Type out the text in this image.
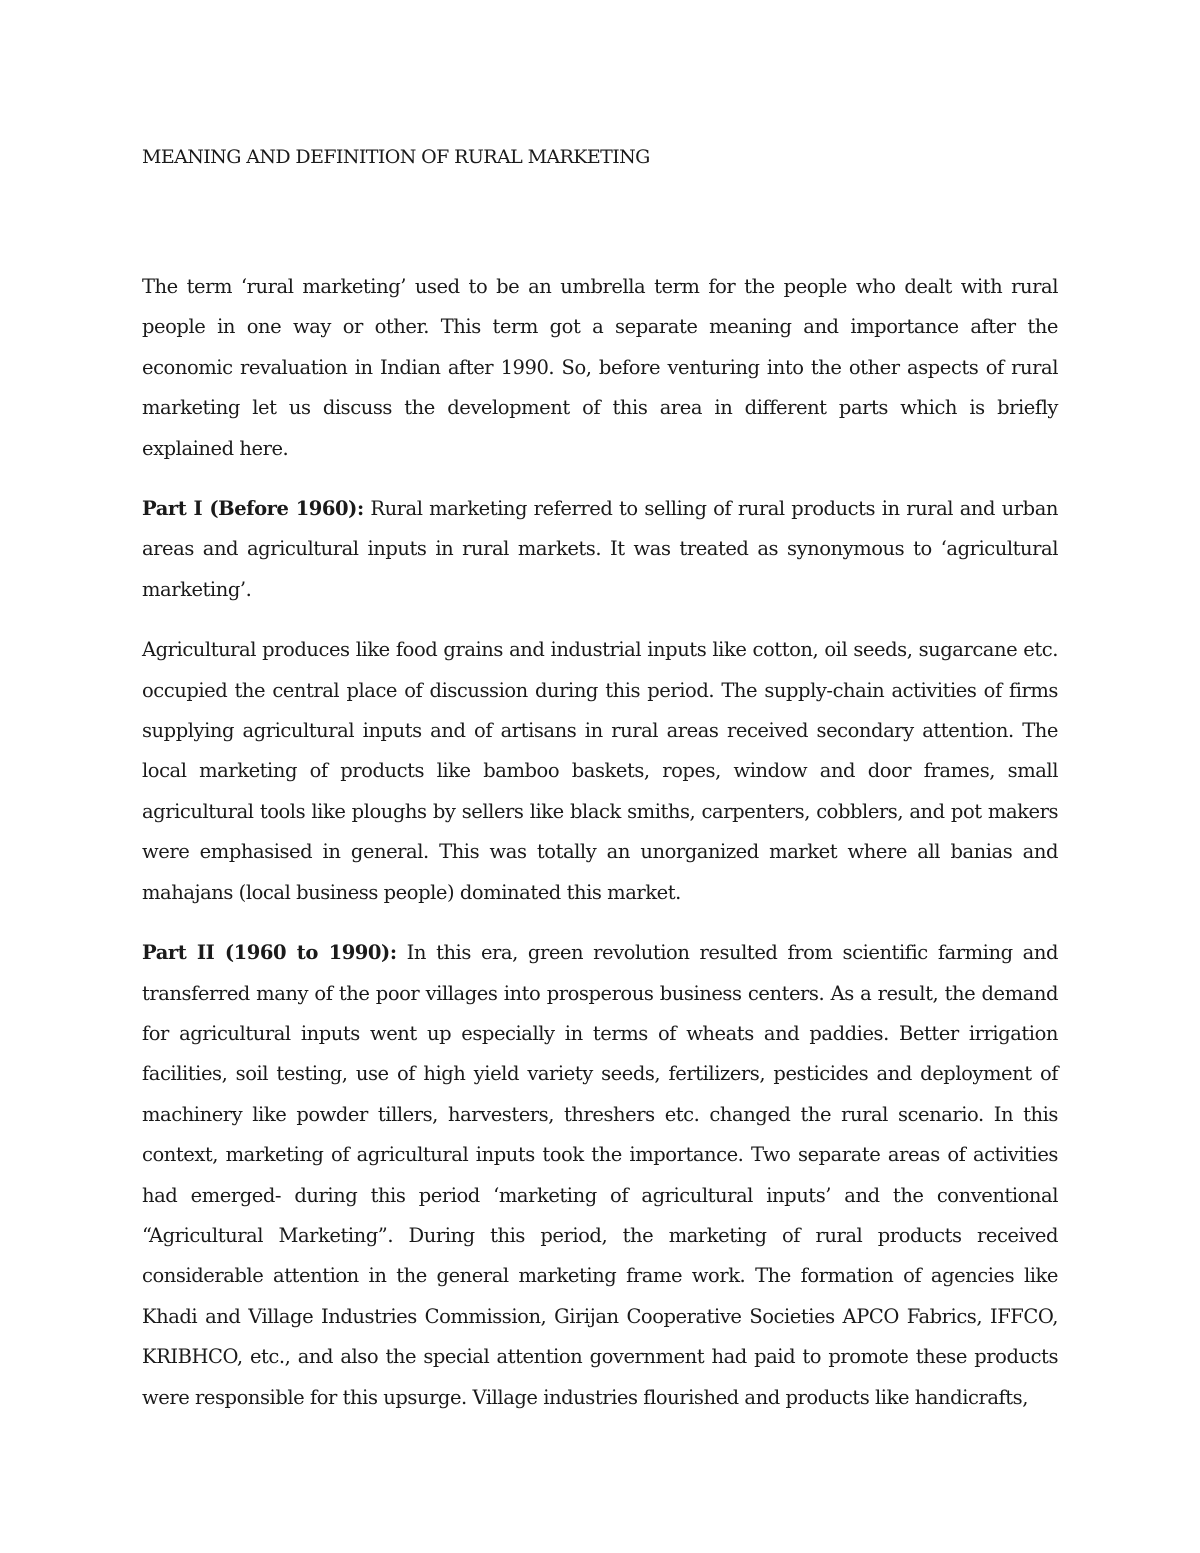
MEANING AND DEFINITION OF RURAL MARKETING

The term ‘rural marketing’ used to be an umbrella term for the people who dealt with rural people in one way or other. This term got a separate meaning and importance after the economic revaluation in Indian after 1990. So, before venturing into the other aspects of rural marketing let us discuss the development of this area in different parts which is briefly explained here.

Part I (Before 1960): Rural marketing referred to selling of rural products in rural and urban areas and agricultural inputs in rural markets. It was treated as synonymous to ‘agricultural marketing’.

Agricultural produces like food grains and industrial inputs like cotton, oil seeds, sugarcane etc. occupied the central place of discussion during this period. The supply-chain activities of firms supplying agricultural inputs and of artisans in rural areas received secondary attention. The local marketing of products like bamboo baskets, ropes, window and door frames, small agricultural tools like ploughs by sellers like black smiths, carpenters, cobblers, and pot makers were emphasised in general. This was totally an unorganized market where all banias and mahajans (local business people) dominated this market.

Part II (1960 to 1990): In this era, green revolution resulted from scientific farming and transferred many of the poor villages into prosperous business centers. As a result, the demand for agricultural inputs went up especially in terms of wheats and paddies. Better irrigation facilities, soil testing, use of high yield variety seeds, fertilizers, pesticides and deployment of machinery like powder tillers, harvesters, threshers etc. changed the rural scenario. In this context, marketing of agricultural inputs took the importance. Two separate areas of activities had emerged- during this period ‘marketing of agricultural inputs’ and the conventional “Agricultural Marketing”. During this period, the marketing of rural products received considerable attention in the general marketing frame work. The formation of agencies like Khadi and Village Industries Commission, Girijan Cooperative Societies APCO Fabrics, IFFCO, KRIBHCO, etc., and also the special attention government had paid to promote these products were responsible for this upsurge. Village industries flourished and products like handicrafts,
